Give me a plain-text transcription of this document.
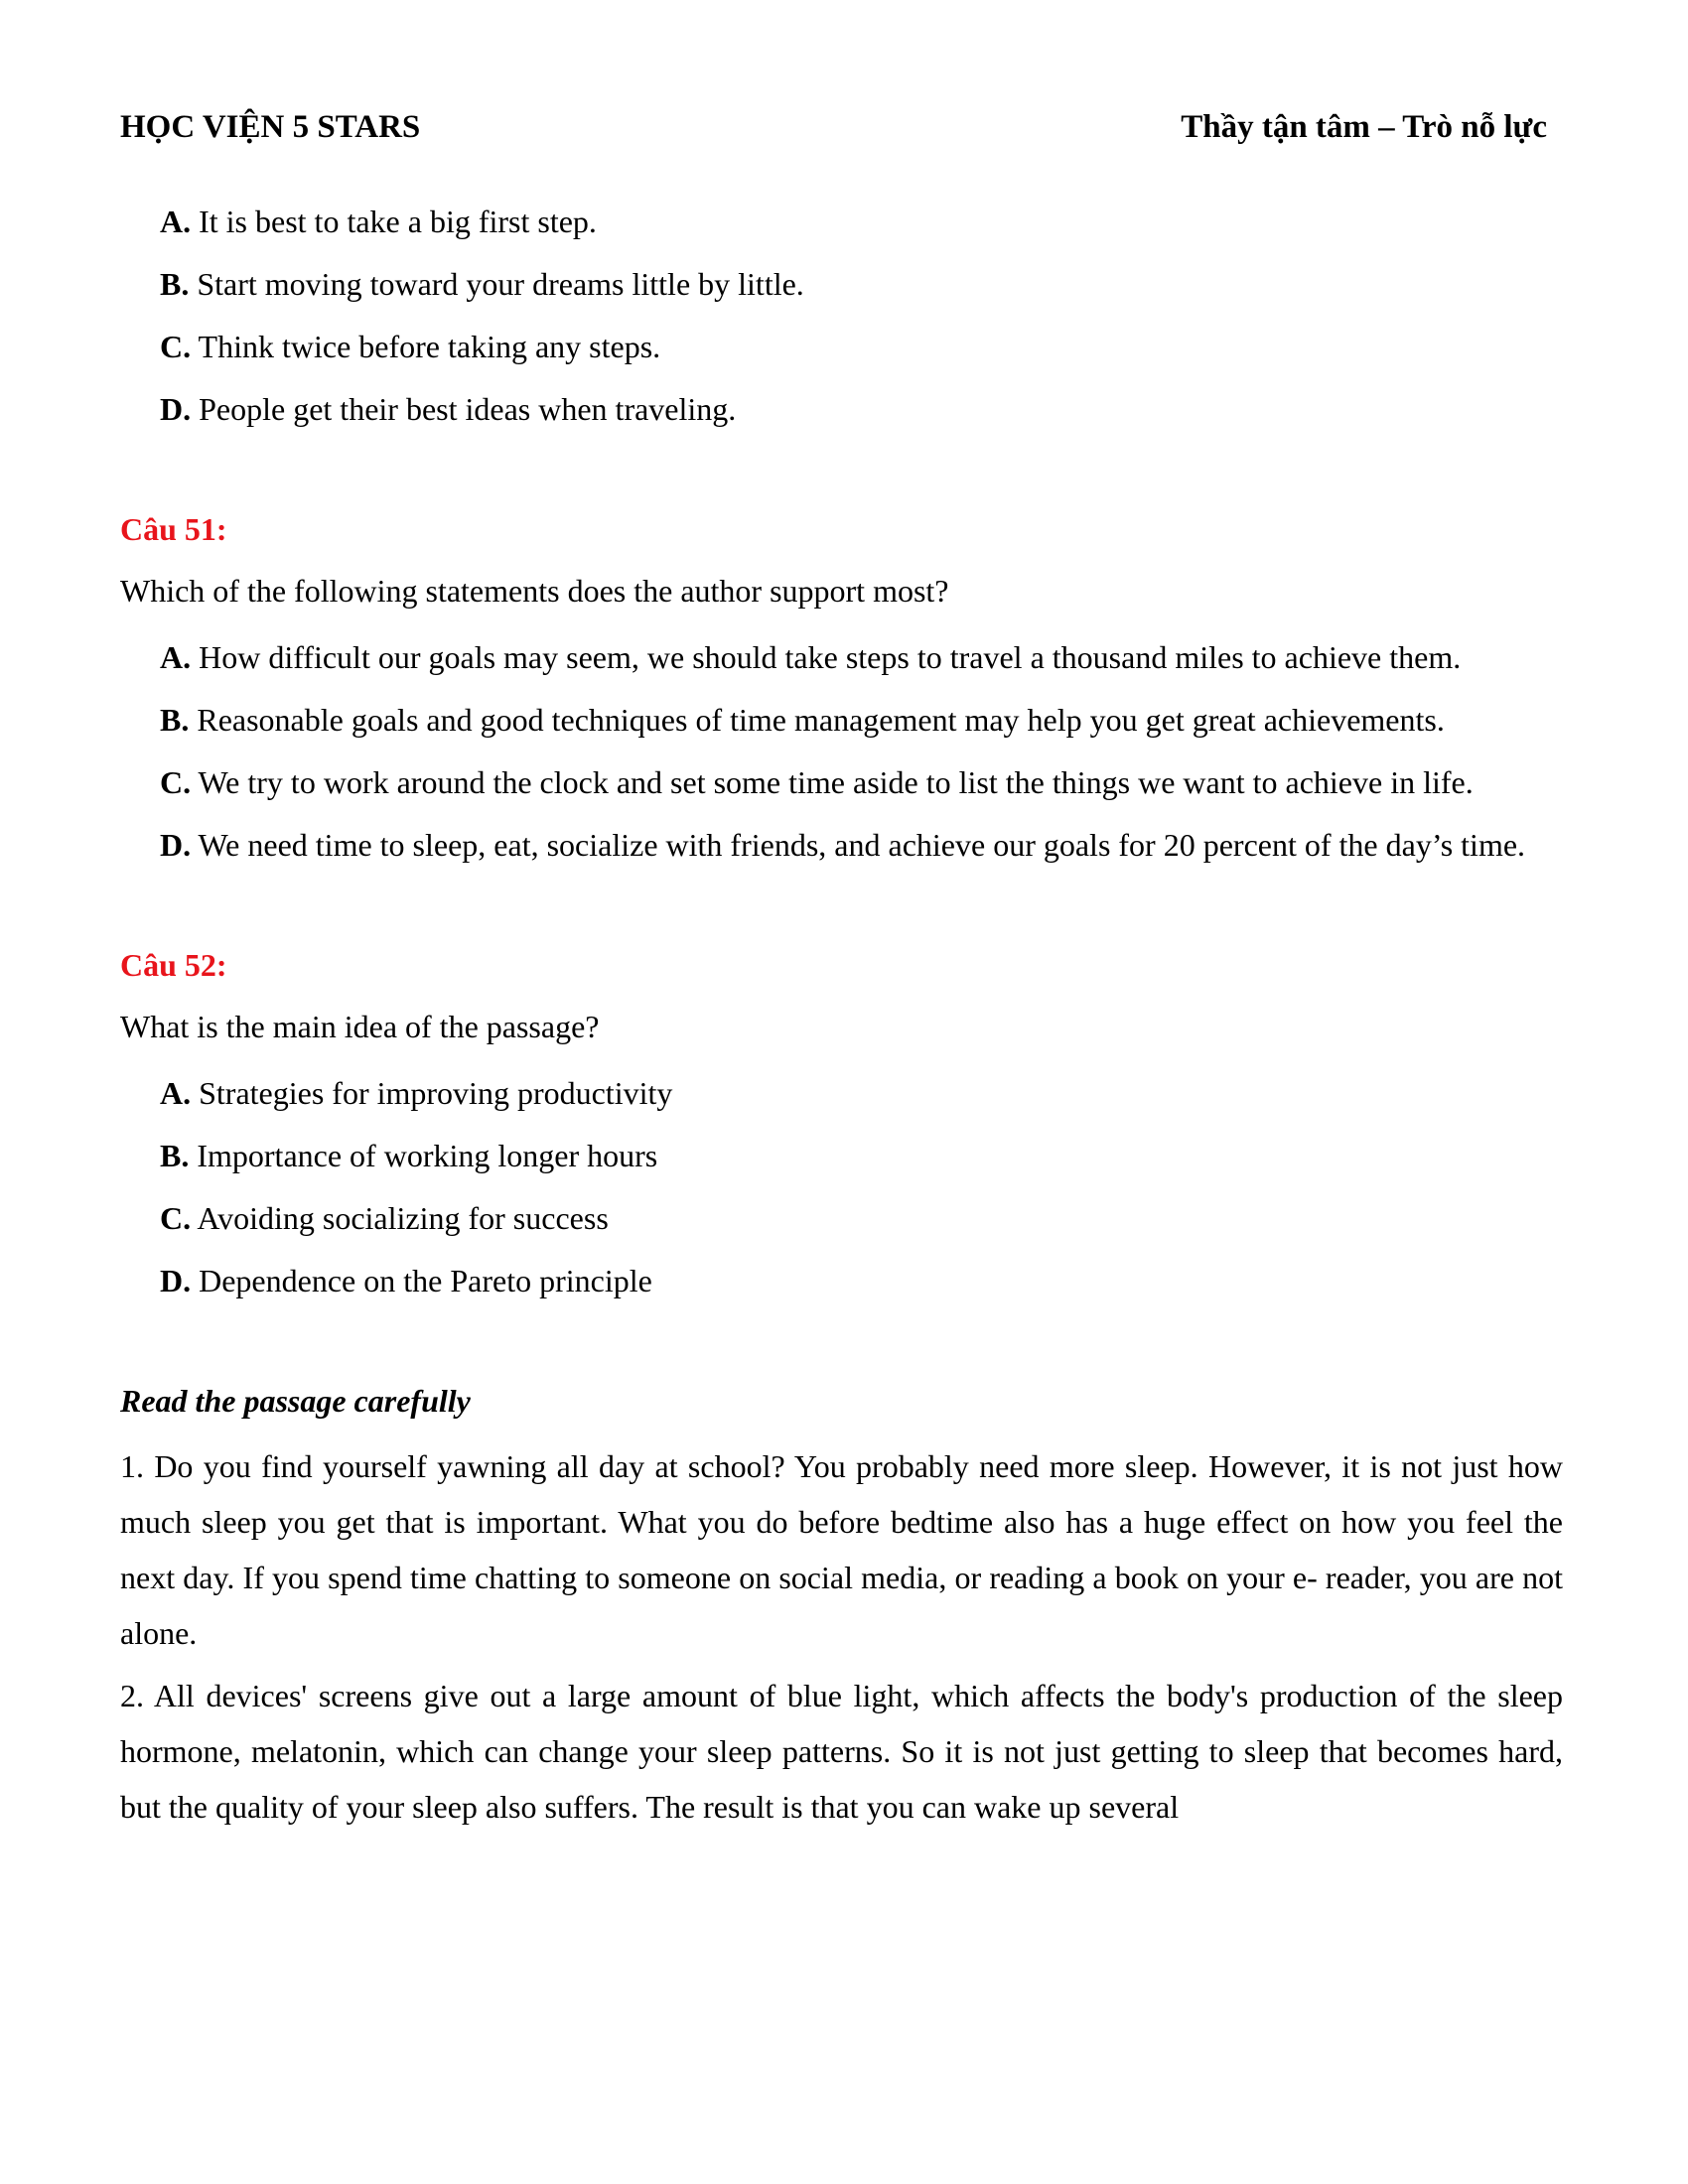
HỌC VIỆN 5 STARS	Thầy tận tâm – Trò nỗ lực
A. It is best to take a big first step.
B. Start moving toward your dreams little by little.
C. Think twice before taking any steps.
D. People get their best ideas when traveling.
Câu 51:
Which of the following statements does the author support most?
A. How difficult our goals may seem, we should take steps to travel a thousand miles to achieve them.
B. Reasonable goals and good techniques of time management may help you get great achievements.
C. We try to work around the clock and set some time aside to list the things we want to achieve in life.
D. We need time to sleep, eat, socialize with friends, and achieve our goals for 20 percent of the day’s time.
Câu 52:
What is the main idea of the passage?
A. Strategies for improving productivity
B. Importance of working longer hours
C. Avoiding socializing for success
D. Dependence on the Pareto principle
Read the passage carefully
1. Do you find yourself yawning all day at school? You probably need more sleep. However, it is not just how much sleep you get that is important. What you do before bedtime also has a huge effect on how you feel the next day. If you spend time chatting to someone on social media, or reading a book on your e- reader, you are not alone.
2. All devices' screens give out a large amount of blue light, which affects the body's production of the sleep hormone, melatonin, which can change your sleep patterns. So it is not just getting to sleep that becomes hard, but the quality of your sleep also suffers. The result is that you can wake up several
